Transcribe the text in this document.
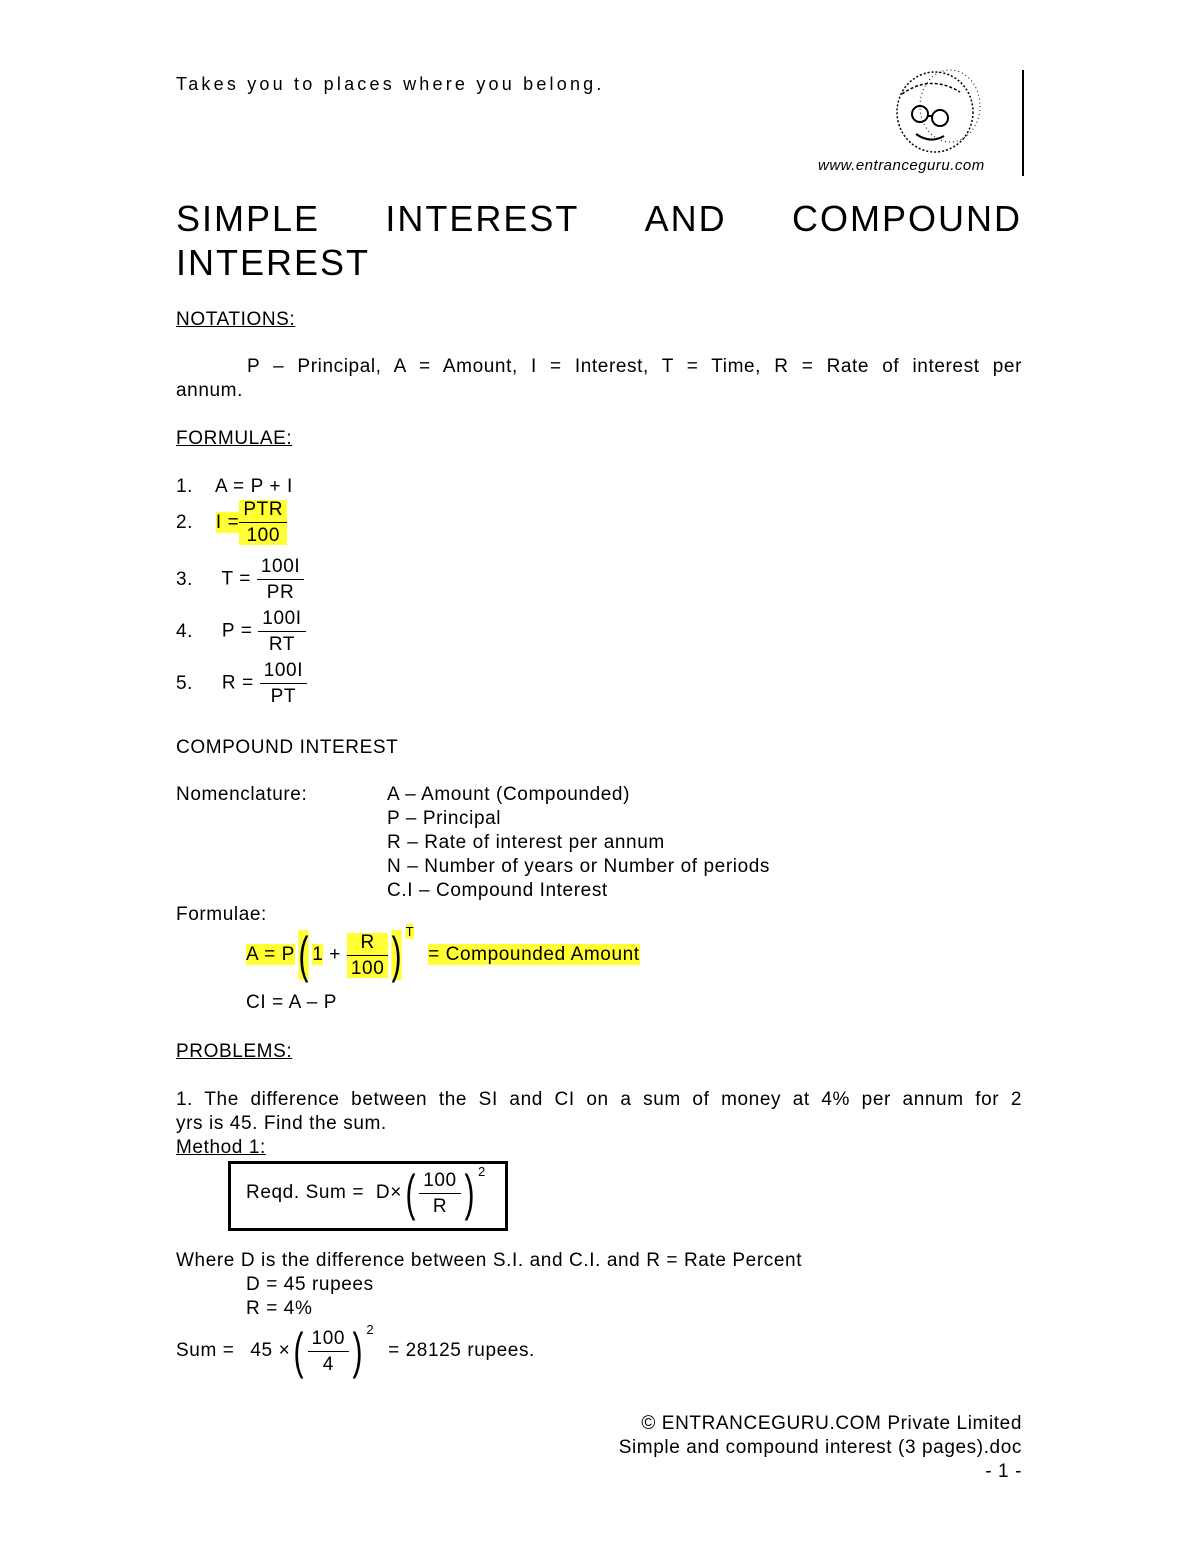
Takes you to places where you belong.
www.entranceguru.com
SIMPLE INTEREST AND COMPOUND
INTEREST
NOTATIONS:
P – Principal, A = Amount, I = Interest, T = Time, R = Rate of interest per
annum.
FORMULAE:
1. A = P + I
2. $I = \frac{\text{PTR}}{100}$
3. $T = \frac{100I}{PR}$
4. $P = \frac{100I}{RT}$
5. $R = \frac{100I}{PT}$
COMPOUND INTEREST
Nomenclature:	A – Amount (Compounded)
P – Principal
R – Rate of interest per annum
N – Number of years or Number of periods
C.I – Compound Interest
Formulae:
A = P( $1 + \frac{R}{100}$ ) $^T$ = Compounded Amount
CI = A – P
PROBLEMS:
1. The difference between the SI and CI on a sum of money at 4% per annum for 2
yrs is 45. Find the sum.
Method 1:
Reqd. Sum = $D\times( \frac{100}{R}$ ) $^2$
Where D is the difference between S.I. and C.I. and R = Rate Percent
D = 45 rupees
R = 4%
Sum = 45 ×( $\frac{100}{4}$ ) $^2$ = 28125 rupees.
© ENTRANCEGURU.COM Private Limited
Simple and compound interest (3 pages).doc
- 1 -
